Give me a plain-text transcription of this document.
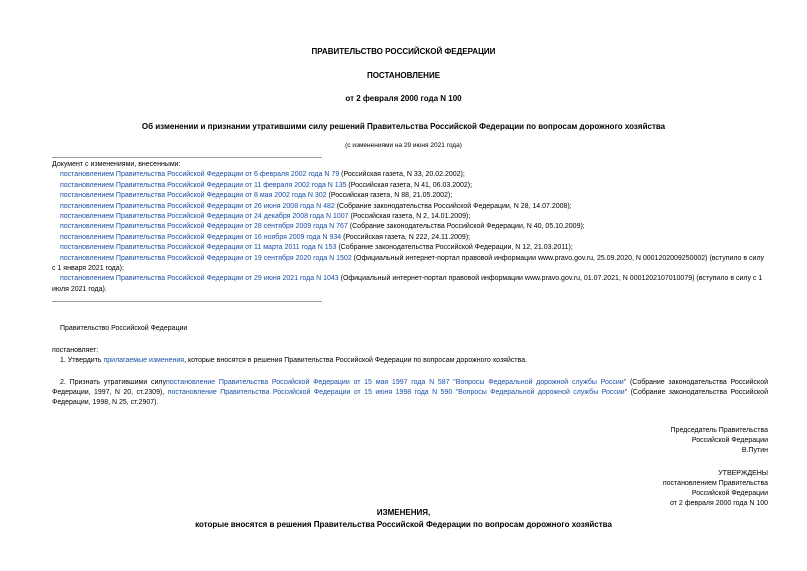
ПРАВИТЕЛЬСТВО РОССИЙСКОЙ ФЕДЕРАЦИИ
ПОСТАНОВЛЕНИЕ
от 2 февраля 2000 года N 100
Об изменении и признании утратившими силу решений Правительства Российской Федерации по вопросам дорожного хозяйства
(с изменениями на 29 июня 2021 года)
Документ с изменениями, внесенными:
постановлением Правительства Российской Федерации от 6 февраля 2002 года N 79 (Российская газета, N 33, 20.02.2002);
постановлением Правительства Российской Федерации от 11 февраля 2002 года N 135 (Российская газета, N 41, 06.03.2002);
постановлением Правительства Российской Федерации от 8 мая 2002 года N 302 (Российская газета, N 88, 21.05.2002);
постановлением Правительства Российской Федерации от 26 июня 2008 года N 482 (Собрание законодательства Российской Федерации, N 28, 14.07.2008);
постановлением Правительства Российской Федерации от 24 декабря 2008 года N 1007 (Российская газета, N 2, 14.01.2009);
постановлением Правительства Российской Федерации от 28 сентября 2009 года N 767 (Собрание законодательства Российской Федерации, N 40, 05.10.2009);
постановлением Правительства Российской Федерации от 16 ноября 2009 года N 934 (Российская газета, N 222, 24.11.2009);
постановлением Правительства Российской Федерации от 11 марта 2011 года N 153 (Собрание законодательства Российской Федерации, N 12, 21.03.2011);
постановлением Правительства Российской Федерации от 19 сентября 2020 года N 1502 (Официальный интернет-портал правовой информации www.pravo.gov.ru, 25.09.2020, N 0001202009250002) (вступило в силу с 1 января 2021 года);
постановлением Правительства Российской Федерации от 29 июня 2021 года N 1043 (Официальный интернет-портал правовой информации www.pravo.gov.ru, 01.07.2021, N 0001202107010079) (вступило в силу с 1 июля 2021 года).
Правительство Российской Федерации
постановляет:
1. Утвердить прилагаемые изменения, которые вносятся в решения Правительства Российской Федерации по вопросам дорожного хозяйства.
2. Признать утратившими силупостановление Правительства Российской Федерации от 15 мая 1997 года N 587 "Вопросы Федеральной дорожной службы России" (Собрание законодательства Российской Федерации, 1997, N 20, ст.2309), постановление Правительства Российской Федерации от 15 июня 1998 года N 590 "Вопросы Федеральной дорожной службы России" (Собрание законодательства Российской Федерации, 1998, N 25, ст.2907).
Председатель Правительства
Российской Федерации
В.Путин
УТВЕРЖДЕНЫ
постановлением Правительства
Российской Федерации
от 2 февраля 2000 года N 100
ИЗМЕНЕНИЯ,
которые вносятся в решения Правительства Российской Федерации по вопросам дорожного хозяйства
